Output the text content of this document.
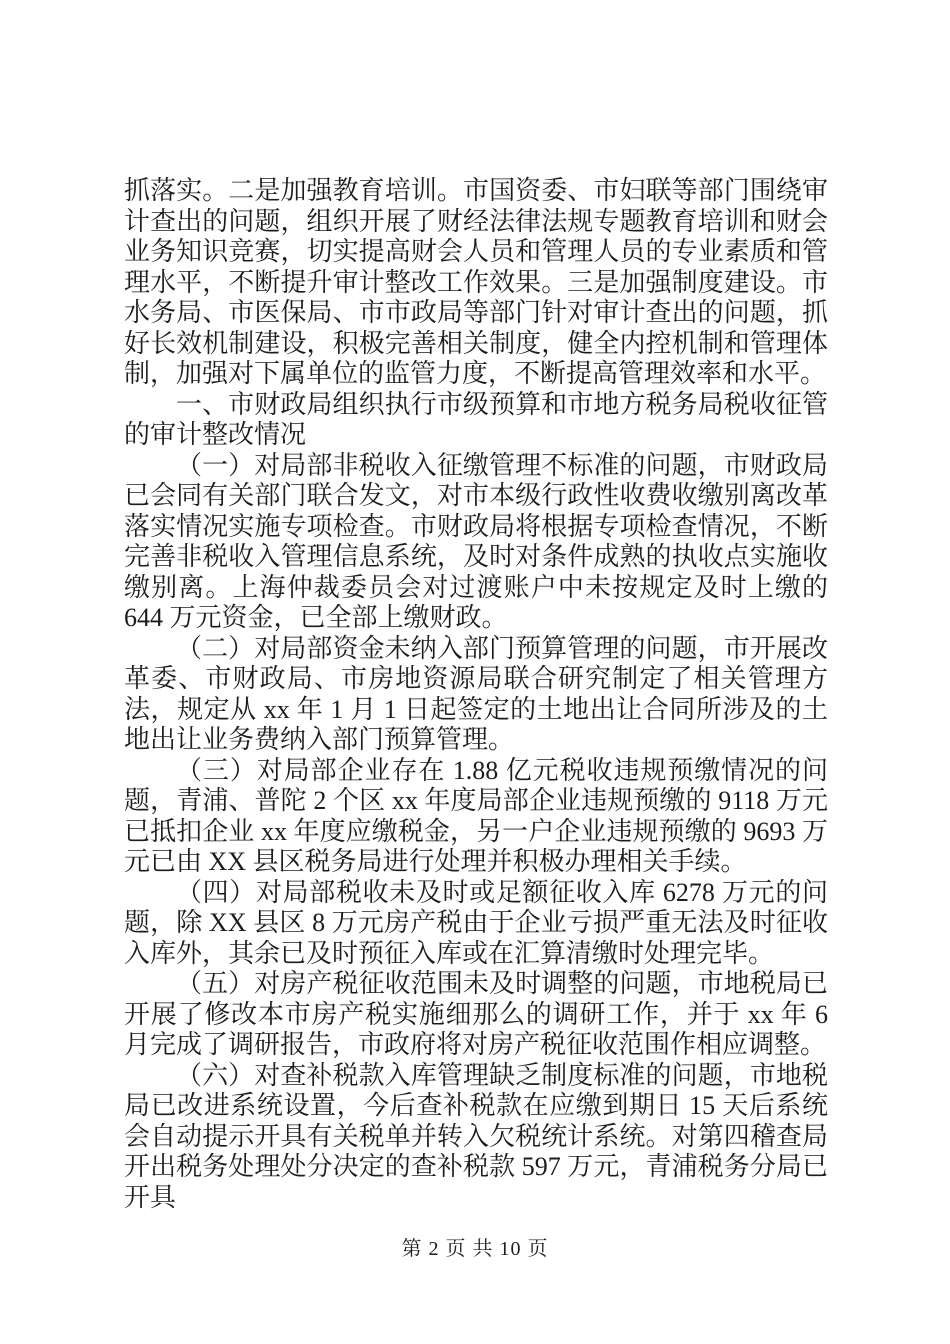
抓落实。二是加强教育培训。市国资委、市妇联等部门围绕审计查出的问题，组织开展了财经法律法规专题教育培训和财会业务知识竞赛，切实提高财会人员和管理人员的专业素质和管理水平，不断提升审计整改工作效果。三是加强制度建设。市水务局、市医保局、市市政局等部门针对审计查出的问题，抓好长效机制建设，积极完善相关制度，健全内控机制和管理体制，加强对下属单位的监管力度，不断提高管理效率和水平。

一、市财政局组织执行市级预算和市地方税务局税收征管的审计整改情况

（一）对局部非税收入征缴管理不标准的问题，市财政局已会同有关部门联合发文，对市本级行政性收费收缴别离改革落实情况实施专项检查。市财政局将根据专项检查情况，不断完善非税收入管理信息系统，及时对条件成熟的执收点实施收缴别离。上海仲裁委员会对过渡账户中未按规定及时上缴的 644 万元资金，已全部上缴财政。

（二）对局部资金未纳入部门预算管理的问题，市开展改革委、市财政局、市房地资源局联合研究制定了相关管理方法，规定从 xx 年 1 月 1 日起签定的土地出让合同所涉及的土地出让业务费纳入部门预算管理。

（三）对局部企业存在 1.88 亿元税收违规预缴情况的问题，青浦、普陀 2 个区 xx 年度局部企业违规预缴的 9118 万元已抵扣企业 xx 年度应缴税金，另一户企业违规预缴的 9693 万元已由 XX 县区税务局进行处理并积极办理相关手续。

（四）对局部税收未及时或足额征收入库 6278 万元的问题，除 XX 县区 8 万元房产税由于企业亏损严重无法及时征收入库外，其余已及时预征入库或在汇算清缴时处理完毕。

（五）对房产税征收范围未及时调整的问题，市地税局已开展了修改本市房产税实施细那么的调研工作，并于 xx 年 6 月完成了调研报告，市政府将对房产税征收范围作相应调整。

（六）对查补税款入库管理缺乏制度标准的问题，市地税局已改进系统设置，今后查补税款在应缴到期日 15 天后系统会自动提示开具有关税单并转入欠税统计系统。对第四稽查局开出税务处理处分决定的查补税款 597 万元，青浦税务分局已开具

第 2 页 共 10 页
